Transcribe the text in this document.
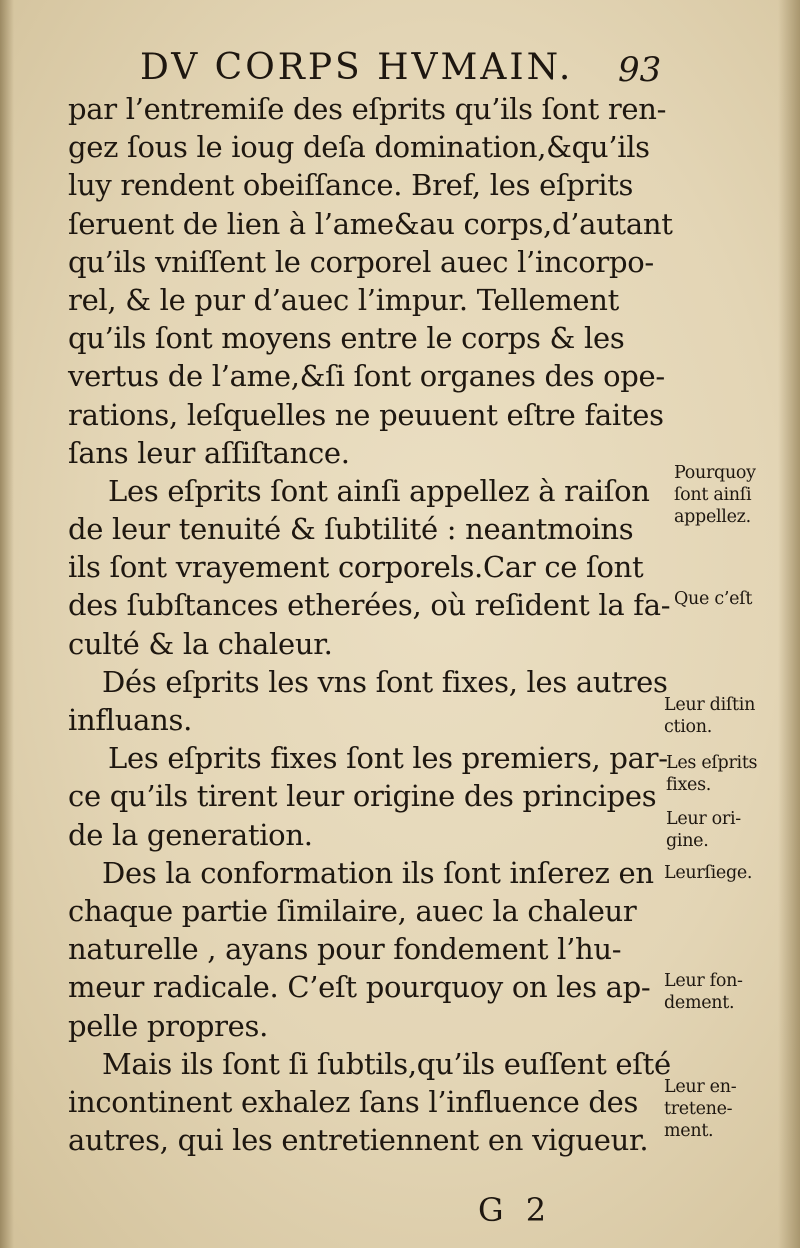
DV CORPS HVMAIN. 93
par l’entremiſe des eſprits qu’ils ſont ren-
gez ſous le ioug deſa domination,&qu’ils
luy rendent obeiſſance. Bref, les eſprits
ſeruent de lien à l’ame&au corps,d’autant
qu’ils vniſſent le corporel auec l’incorpo-
rel, & le pur d’auec l’impur. Tellement
qu’ils ſont moyens entre le corps & les
vertus de l’ame,&ſi ſont organes des ope-
rations, leſquelles ne peuuent eſtre faites
ſans leur aſſiſtance.
Les eſprits ſont ainſi appellez à raiſon
de leur tenuité & ſubtilité : neantmoins
ils ſont vrayement corporels.Car ce ſont
des ſubſtances etherées, où reſident la fa-
culté & la chaleur.
Dés eſprits les vns ſont fixes, les autres
influans.
Les eſprits fixes ſont les premiers, par-
ce qu’ils tirent leur origine des principes
de la generation.
Des la conformation ils ſont inſerez en
chaque partie ſimilaire, auec la chaleur
naturelle , ayans pour fondement l’hu-
meur radicale. C’eſt pourquoy on les ap-
pelle propres.
Mais ils ſont ſi ſubtils,qu’ils euſſent eſté
incontinent exhalez ſans l’influence des
autres, qui les entretiennent en vigueur.
Pourquoy
ſont ainſi
appellez.
Que c’eſt
Leur diſtin
ction.
Les eſprits
fixes.
Leur ori-
gine.
Leurſiege.
Leur fon-
dement.
Leur en-
tretene-
ment.
G 2
